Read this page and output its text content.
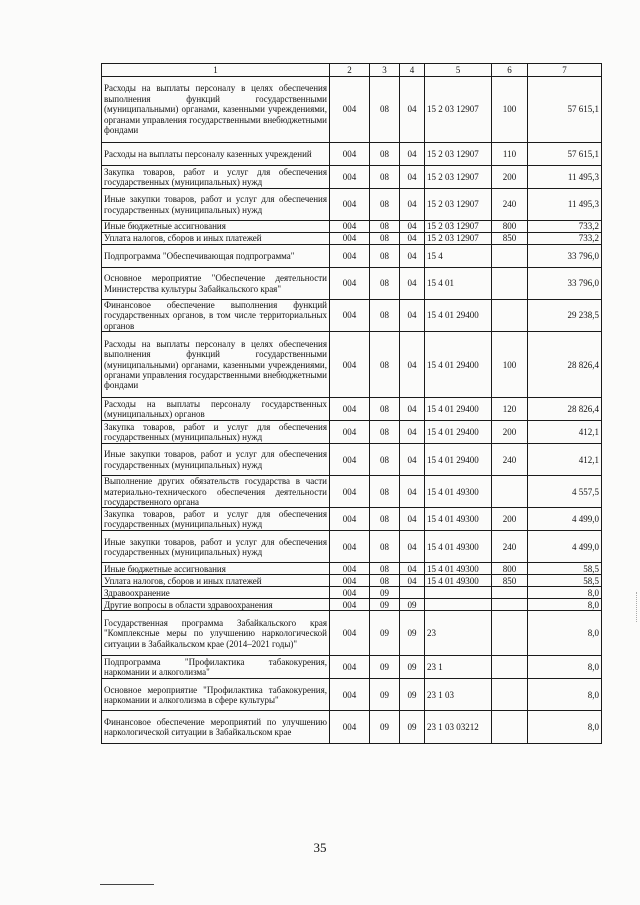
1	2	3	4	5	6	7
Расходы на выплаты персоналу в целях обеспечения выполнения функций государственными (муниципальными) органами, казенными учреждениями, органами управления государственными внебюджетными фондами	004	08	04	15 2 03 12907	100	57 615,1
Расходы на выплаты персоналу казенных учреждений	004	08	04	15 2 03 12907	110	57 615,1
Закупка товаров, работ и услуг для обеспечения государственных (муниципальных) нужд	004	08	04	15 2 03 12907	200	11 495,3
Иные закупки товаров, работ и услуг для обеспечения государственных (муниципальных) нужд	004	08	04	15 2 03 12907	240	11 495,3
Иные бюджетные ассигнования	004	08	04	15 2 03 12907	800	733,2
Уплата налогов, сборов и иных платежей	004	08	04	15 2 03 12907	850	733,2
Подпрограмма "Обеспечивающая подпрограмма"	004	08	04	15 4		33 796,0
Основное мероприятие "Обеспечение деятельности Министерства культуры Забайкальского края"	004	08	04	15 4 01		33 796,0
Финансовое обеспечение выполнения функций государственных органов, в том числе территориальных органов	004	08	04	15 4 01 29400		29 238,5
Расходы на выплаты персоналу в целях обеспечения выполнения функций государственными (муниципальными) органами, казенными учреждениями, органами управления государственными внебюджетными фондами	004	08	04	15 4 01 29400	100	28 826,4
Расходы на выплаты персоналу государственных (муниципальных) органов	004	08	04	15 4 01 29400	120	28 826,4
Закупка товаров, работ и услуг для обеспечения государственных (муниципальных) нужд	004	08	04	15 4 01 29400	200	412,1
Иные закупки товаров, работ и услуг для обеспечения государственных (муниципальных) нужд	004	08	04	15 4 01 29400	240	412,1
Выполнение других обязательств государства в части материально-технического обеспечения деятельности государственного органа	004	08	04	15 4 01 49300		4 557,5
Закупка товаров, работ и услуг для обеспечения государственных (муниципальных) нужд	004	08	04	15 4 01 49300	200	4 499,0
Иные закупки товаров, работ и услуг для обеспечения государственных (муниципальных) нужд	004	08	04	15 4 01 49300	240	4 499,0
Иные бюджетные ассигнования	004	08	04	15 4 01 49300	800	58,5
Уплата налогов, сборов и иных платежей	004	08	04	15 4 01 49300	850	58,5
Здравоохранение	004	09				8,0
Другие вопросы в области здравоохранения	004	09	09			8,0
Государственная программа Забайкальского края "Комплексные меры по улучшению наркологической ситуации в Забайкальском крае (2014–2021 годы)"	004	09	09	23		8,0
Подпрограмма "Профилактика табакокурения, наркомании и алкоголизма"	004	09	09	23 1		8,0
Основное мероприятие "Профилактика табакокурения, наркомании и алкоголизма в сфере культуры"	004	09	09	23 1 03		8,0
Финансовое обеспечение мероприятий по улучшению наркологической ситуации в Забайкальском крае	004	09	09	23 1 03 03212		8,0
35
